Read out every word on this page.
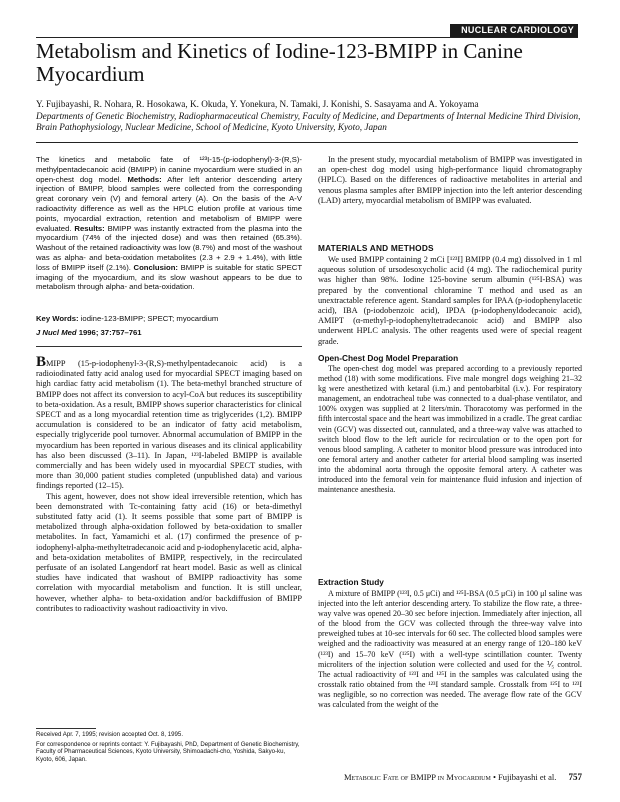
NUCLEAR CARDIOLOGY
Metabolism and Kinetics of Iodine-123-BMIPP in Canine Myocardium
Y. Fujibayashi, R. Nohara, R. Hosokawa, K. Okuda, Y. Yonekura, N. Tamaki, J. Konishi, S. Sasayama and A. Yokoyama
Departments of Genetic Biochemistry, Radiopharmaceutical Chemistry, Faculty of Medicine, and Departments of Internal Medicine Third Division, Brain Pathophysiology, Nuclear Medicine, School of Medicine, Kyoto University, Kyoto, Japan
The kinetics and metabolic fate of ¹²³I-15-(p-iodophenyl)-3-(R,S)-methylpentadecanoic acid (BMIPP) in canine myocardium were studied in an open-chest dog model. Methods: After left anterior descending artery injection of BMIPP, blood samples were collected from the corresponding great coronary vein (V) and femoral artery (A). On the basis of the A-V radioactivity difference as well as the HPLC elution profile at various time points, myocardial extraction, retention and metabolism of BMIPP were evaluated. Results: BMIPP was instantly extracted from the plasma into the myocardium (74% of the injected dose) and was then retained (65.3%). Washout of the retained radioactivity was low (8.7%) and most of the washout was as alpha- and beta-oxidation metabolites (2.3 + 2.9 + 1.4%), with little loss of BMIPP itself (2.1%). Conclusion: BMIPP is suitable for static SPECT imaging of the myocardium, and its slow washout appears to be due to metabolism through alpha- and beta-oxidation.
Key Words: iodine-123-BMIPP; SPECT; myocardium
J Nucl Med 1996; 37:757–761

BMIPP (15-p-iodophenyl-3-(R,S)-methylpentadecanoic acid) is a radioiodinated fatty acid analog used for myocardial SPECT imaging based on high cardiac fatty acid metabolism (1). The beta-methyl branched structure of BMIPP does not affect its conversion to acyl-CoA but reduces its susceptibility to beta-oxidation. As a result, BMIPP shows superior characteristics for clinical SPECT and as a long myocardial retention time as triglycerides (1,2). BMIPP accumulation is considered to be an indicator of fatty acid metabolism, especially triglyceride pool turnover. Abnormal accumulation of BMIPP in the myocardium has been reported in various diseases and its clinical applicability has also been discussed (3–11). In Japan, ¹²³I-labeled BMIPP is available commercially and has been widely used in myocardial SPECT studies, with more than 30,000 patient studies completed (unpublished data) and various findings reported (12–15).

This agent, however, does not show ideal irreversible retention, which has been demonstrated with Tc-containing fatty acid (16) or beta-dimethyl substituted fatty acid (1). It seems possible that some part of BMIPP is metabolized through alpha-oxidation followed by beta-oxidation to smaller metabolites. In fact, Yamamichi et al. (17) confirmed the presence of p-iodophenyl-alpha-methyltetradecanoic acid and p-iodophenylacetic acid, alpha- and beta-oxidation metabolites of BMIPP, respectively, in the recirculated perfusate of an isolated Langendorf rat heart model. Basic as well as clinical studies have indicated that washout of BMIPP radioactivity has some correlation with myocardial metabolism and function. It is still unclear, however, whether alpha- to beta-oxidation and/or backdiffusion of BMIPP contributes to radioactivity washout radioactivity in vivo.

In the present study, myocardial metabolism of BMIPP was investigated in an open-chest dog model using high-performance liquid chromatography (HPLC). Based on the differences of radioactive metabolites in arterial and venous plasma samples after BMIPP injection into the left anterior descending (LAD) artery, myocardial metabolism of BMIPP was evaluated.
MATERIALS AND METHODS

We used BMIPP containing 2 mCi [¹²³I] BMIPP (0.4 mg) dissolved in 1 ml aqueous solution of ursodesoxycholic acid (4 mg). The radiochemical purity was higher than 98%. Iodine 125-bovine serum albumin (¹²⁵I-BSA) was prepared by the conventional chloramine T method and used as an unextractable reference agent. Standard samples for IPAA (p-iodophenylacetic acid), IBA (p-iodobenzoic acid), IPDA (p-iodophenyldodecanoic acid), AMIPT (α-methyl-p-iodophenyltetradecanoic acid) and BMIPP also underwent HPLC analysis. The other reagents used were of special reagent grade.

Open-Chest Dog Model Preparation

The open-chest dog model was prepared according to a previously reported method (18) with some modifications. Five male mongrel dogs weighing 21–32 kg were anesthetized with ketaral (i.m.) and pentobarbital (i.v.). For respiratory management, an endotracheal tube was connected to a dual-phase ventilator, and 100% oxygen was supplied at 2 liters/min. Thoracotomy was performed in the fifth intercostal space and the heart was immobilized in a cradle. The great cardiac vein (GCV) was dissected out, cannulated, and a three-way valve was attached to switch blood flow to the left auricle for recirculation or to the open port for venous blood sampling. A catheter to monitor blood pressure was introduced into one femoral artery and another catheter for arterial blood sampling was inserted into the abdominal aorta through the opposite femoral artery. A catheter was introduced into the femoral vein for maintenance fluid infusion and injection of maintenance anesthesia.

Extraction Study

A mixture of BMIPP (¹²³I, 0.5 μCi) and ¹²⁵I-BSA (0.5 μCi) in 100 μl saline was injected into the left anterior descending artery. To stabilize the flow rate, a three-way valve was opened 20–30 sec before injection. Immediately after injection, all of the blood from the GCV was collected through the three-way valve into preweighed tubes at 10-sec intervals for 60 sec. The collected blood samples were weighed and the radioactivity was measured at an energy range of 120–180 keV (¹²³I) and 15–70 keV (¹²⁵I) with a well-type scintillation counter. Twenty microliters of the injection solution were collected and used for the ⅟₅ control. The actual radioactivity of ¹²³I and ¹²⁵I in the samples was calculated using the crosstalk ratio obtained from the ¹²³I standard sample. Crosstalk from ¹²⁵I to ¹²³I was negligible, so no correction was needed. The average flow rate of the GCV was calculated from the weight of the

Received Apr. 7, 1995; revision accepted Oct. 8, 1995.

For correspondence or reprints contact: Y. Fujibayashi, PhD, Department of Genetic Biochemistry, Faculty of Pharmaceutical Sciences, Kyoto University, Shimoadachi-cho, Yoshida, Sakyo-ku, Kyoto, 606, Japan.

Metabolic Fate of BMIPP in Myocardium • Fujibayashi et al. 757
